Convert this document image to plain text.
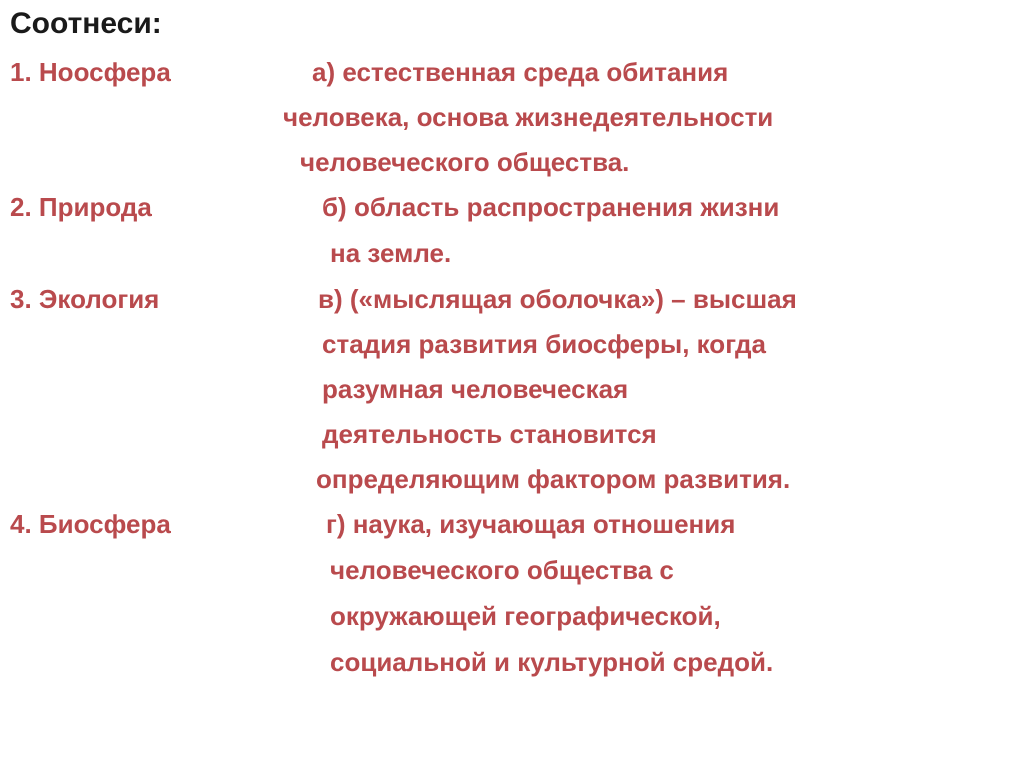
Соотнеси:
1. Ноосфера
2. Природа
3. Экология
4. Биосфера
а) естественная среда обитания
человека, основа жизнедеятельности
человеческого общества.
б) область распространения жизни
на земле.
в) («мыслящая оболочка») – высшая
стадия развития биосферы, когда
разумная человеческая
деятельность становится
определяющим фактором развития.
г) наука, изучающая отношения
человеческого общества с
окружающей географической,
социальной и культурной средой.
